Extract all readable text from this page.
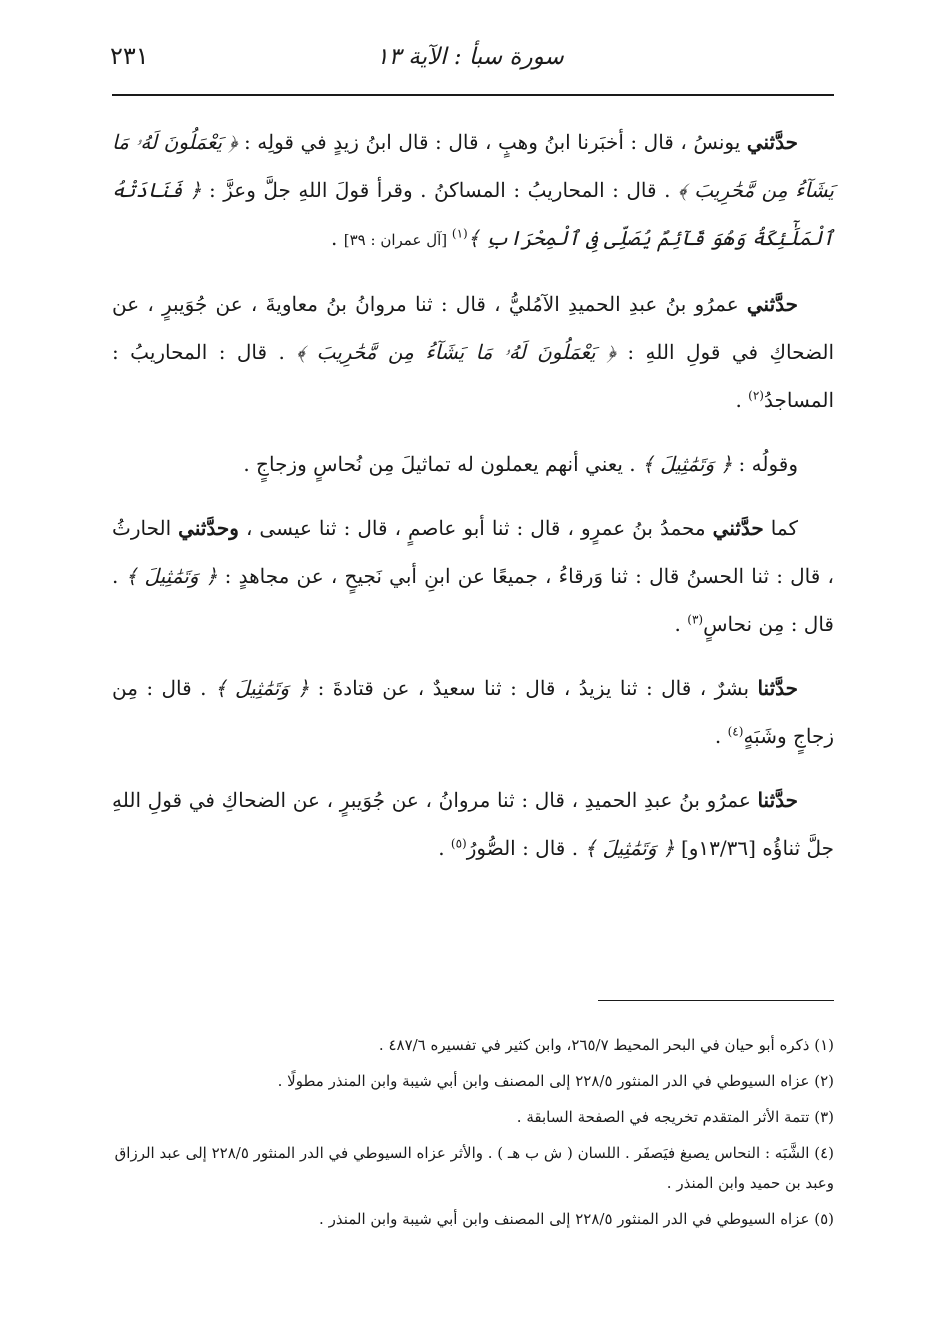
سورة سبأ : الآية ١٣
٢٣١

حدَّثني يونسُ ، قال : أخبَرنا ابنُ وهبٍ ، قال : قال ابنُ زيدٍ في قولِه : ﴿ يَعْمَلُونَ لَهُۥ مَا يَشَآءُ مِن مَّحَٰرِيبَ ﴾ . قال : المحاريبُ : المساكنُ . وقرأ قولَ اللهِ جلَّ وعزَّ : ﴿ فَنَادَتْهُ ٱلْمَلَٰٓئِكَةُ وَهُوَ قَآئِمٌ يُصَلِّى فِى ٱلْمِحْرَابِ ﴾$^{(١)}$ [آل عمران : ٣٩] .

حدَّثني عمرُو بنُ عبدِ الحميدِ الآمُليُّ ، قال : ثنا مروانُ بنُ معاويةَ ، عن جُوَيبرٍ ، عن الضحاكِ في قولِ اللهِ : ﴿ يَعْمَلُونَ لَهُۥ مَا يَشَآءُ مِن مَّحَٰرِيبَ ﴾ . قال : المحاريبُ : المساجدُ$^{(٢)}$ .

وقولُه : ﴿ وَتَمَٰثِيلَ ﴾ . يعني أنهم يعملون له تماثيلَ مِن نُحاسٍ وزجاجٍ .

كما حدَّثني محمدُ بنُ عمرٍو ، قال : ثنا أبو عاصمٍ ، قال : ثنا عيسى ، وحدَّثني الحارثُ ، قال : ثنا الحسنُ قال : ثنا وَرقاءُ ، جميعًا عن ابنِ أبي نَجيحٍ ، عن مجاهدٍ : ﴿ وَتَمَٰثِيلَ ﴾ . قال : مِن نحاسٍ$^{(٣)}$ .

حدَّثنا بشرٌ ، قال : ثنا يزيدُ ، قال : ثنا سعيدٌ ، عن قتادةَ : ﴿ وَتَمَٰثِيلَ ﴾ . قال : مِن زجاجٍ وشَبَهٍ$^{(٤)}$ .

حدَّثنا عمرُو بنُ عبدِ الحميدِ ، قال : ثنا مروانُ ، عن جُوَيبرٍ ، عن الضحاكِ في قولِ اللهِ جلَّ ثناؤُه [١٣/٣٦و] ﴿ وَتَمَٰثِيلَ ﴾ . قال : الصُّورُ$^{(٥)}$ .

(١) ذكره أبو حيان في البحر المحيط ٢٦٥/٧، وابن كثير في تفسيره ٤٨٧/٦ .

(٢) عزاه السيوطي في الدر المنثور ٢٢٨/٥ إلى المصنف وابن أبي شيبة وابن المنذر مطولًا .

(٣) تتمة الأثر المتقدم تخريجه في الصفحة السابقة .

(٤) الشَّبَه : النحاس يصبغ فيَصفَر . اللسان ( ش ب هـ ) . والأثر عزاه السيوطي في الدر المنثور ٢٢٨/٥ إلى عبد الرزاق وعبد بن حميد وابن المنذر .

(٥) عزاه السيوطي في الدر المنثور ٢٢٨/٥ إلى المصنف وابن أبي شيبة وابن المنذر .
